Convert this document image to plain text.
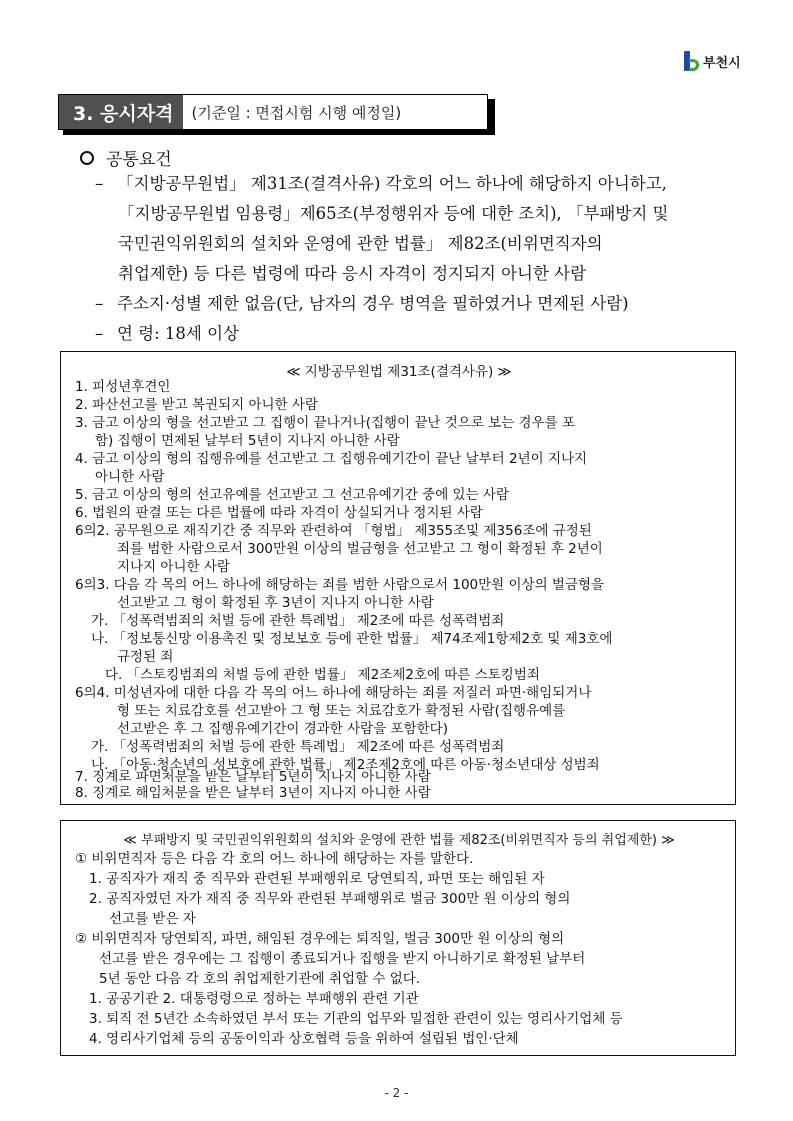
부천시
3. 응시자격	(기준일 : 면접시험 시행 예정일)
공통요건
– 「지방공무원법」 제31조(결격사유) 각호의 어느 하나에 해당하지 아니하고,
「지방공무원법 임용령」제65조(부정행위자 등에 대한 조치), 「부패방지 및
국민권익위원회의 설치와 운영에 관한 법률」 제82조(비위면직자의
취업제한) 등 다른 법령에 따라 응시 자격이 정지되지 아니한 사람
– 주소지·성별 제한 없음(단, 남자의 경우 병역을 필하였거나 면제된 사람)
– 연 령: 18세 이상
≪ 지방공무원법 제31조(결격사유) ≫
1. 피성년후견인
2. 파산선고를 받고 복권되지 아니한 사람
3. 금고 이상의 형을 선고받고 그 집행이 끝나거나(집행이 끝난 것으로 보는 경우를 포
함) 집행이 면제된 날부터 5년이 지나지 아니한 사람
4. 금고 이상의 형의 집행유예를 선고받고 그 집행유예기간이 끝난 날부터 2년이 지나지
아니한 사람
5. 금고 이상의 형의 선고유예를 선고받고 그 선고유예기간 중에 있는 사람
6. 법원의 판결 또는 다른 법률에 따라 자격이 상실되거나 정지된 사람
6의2. 공무원으로 재직기간 중 직무와 관련하여 「형법」 제355조및 제356조에 규정된
죄를 범한 사람으로서 300만원 이상의 벌금형을 선고받고 그 형이 확정된 후 2년이
지나지 아니한 사람
6의3. 다음 각 목의 어느 하나에 해당하는 죄를 범한 사람으로서 100만원 이상의 벌금형을
선고받고 그 형이 확정된 후 3년이 지나지 아니한 사람
가. 「성폭력범죄의 처벌 등에 관한 특례법」 제2조에 따른 성폭력범죄
나. 「정보통신망 이용촉진 및 정보보호 등에 관한 법률」 제74조제1항제2호 및 제3호에
규정된 죄
다. 「스토킹범죄의 처벌 등에 관한 법률」 제2조제2호에 따른 스토킹범죄
6의4. 미성년자에 대한 다음 각 목의 어느 하나에 해당하는 죄를 저질러 파면·해임되거나
형 또는 치료감호를 선고받아 그 형 또는 치료감호가 확정된 사람(집행유예를
선고받은 후 그 집행유예기간이 경과한 사람을 포함한다)
가. 「성폭력범죄의 처벌 등에 관한 특례법」 제2조에 따른 성폭력범죄
나. 「아동·청소년의 성보호에 관한 법률」 제2조제2호에 따른 아동·청소년대상 성범죄
7. 징계로 파면처분을 받은 날부터 5년이 지나지 아니한 사람
8. 징계로 해임처분을 받은 날부터 3년이 지나지 아니한 사람
≪ 부패방지 및 국민권익위원회의 설치와 운영에 관한 법률 제82조(비위면직자 등의 취업제한) ≫
① 비위면직자 등은 다음 각 호의 어느 하나에 해당하는 자를 말한다.
1. 공직자가 재직 중 직무와 관련된 부패행위로 당연퇴직, 파면 또는 해임된 자
2. 공직자였던 자가 재직 중 직무와 관련된 부패행위로 벌금 300만 원 이상의 형의
선고를 받은 자
② 비위면직자 당연퇴직, 파면, 해임된 경우에는 퇴직일, 벌금 300만 원 이상의 형의
선고를 받은 경우에는 그 집행이 종료되거나 집행을 받지 아니하기로 확정된 날부터
5년 동안 다음 각 호의 취업제한기관에 취업할 수 없다.
1. 공공기관 2. 대통령령으로 정하는 부패행위 관련 기관
3. 퇴직 전 5년간 소속하였던 부서 또는 기관의 업무와 밀접한 관련이 있는 영리사기업체 등
4. 영리사기업체 등의 공동이익과 상호협력 등을 위하여 설립된 법인·단체
- 2 -
